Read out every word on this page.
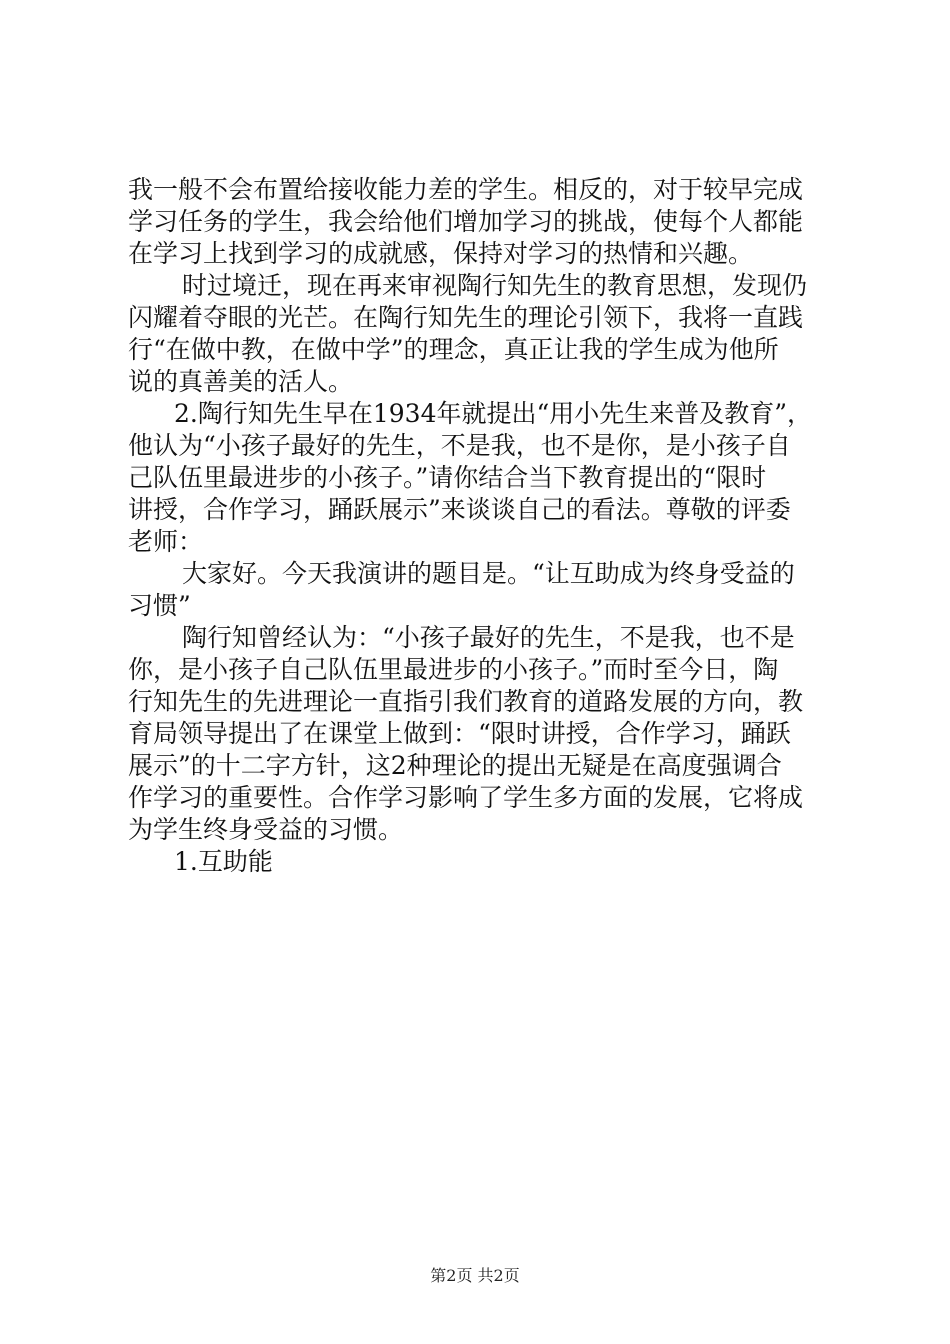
我一般不会布置给接收能力差的学生。相反的，对于较早完成
学习任务的学生，我会给他们增加学习的挑战，使每个人都能
在学习上找到学习的成就感，保持对学习的热情和兴趣。
时过境迁，现在再来审视陶行知先生的教育思想，发现仍
闪耀着夺眼的光芒。在陶行知先生的理论引领下，我将一直践
行“在做中教，在做中学”的理念，真正让我的学生成为他所
说的真善美的活人。
2.陶行知先生早在1934年就提出“用小先生来普及教育”，
他认为“小孩子最好的先生，不是我，也不是你，是小孩子自
己队伍里最进步的小孩子。”请你结合当下教育提出的“限时
讲授，合作学习，踊跃展示”来谈谈自己的看法。尊敬的评委
老师：
大家好。今天我演讲的题目是。“让互助成为终身受益的
习惯”
陶行知曾经认为：“小孩子最好的先生，不是我，也不是
你，是小孩子自己队伍里最进步的小孩子。”而时至今日，陶
行知先生的先进理论一直指引我们教育的道路发展的方向，教
育局领导提出了在课堂上做到：“限时讲授，合作学习，踊跃
展示”的十二字方针，这2种理论的提出无疑是在高度强调合
作学习的重要性。合作学习影响了学生多方面的发展，它将成
为学生终身受益的习惯。
1.互助能
第2页 共2页
